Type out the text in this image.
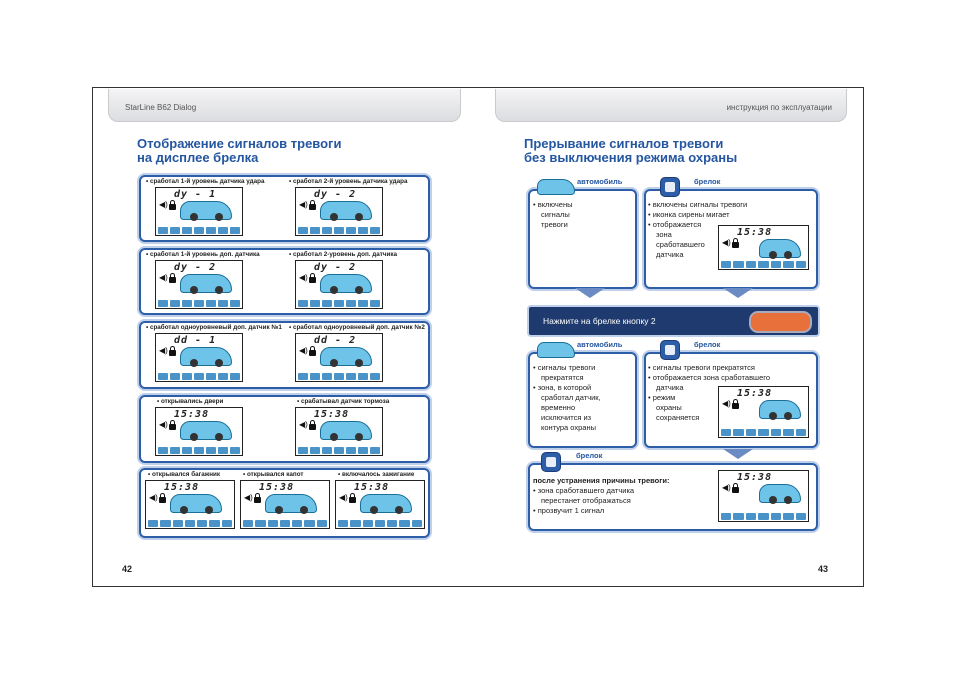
StarLine B62 Dialog	инструкция по эксплуатации
Отображение сигналов тревоги
на дисплее брелка
Прерывание сигналов тревоги
без выключения режима охраны
• сработал 1-й уровень датчика удара
dy - 1
◀)
• сработал 2-й уровень датчика удара
dy - 2
◀)
• сработал 1-й уровень доп. датчика
dy - 2
◀)
• сработал 2-уровень доп. датчика
dy - 2
◀)
• сработал одноуровневый доп. датчик №1
dd - 1
◀)
• сработал одноуровневый доп. датчик №2
dd - 2
◀)
• открывались двери
15:38
◀)
• срабатывал датчик тормоза
15:38
◀)
• открывался багажник
15:38
◀)
• открывался капот
15:38
◀)
• включалось зажигание
15:38
◀)
автомобиль
• включены
сигналы
тревоги
брелок
• включены сигналы тревоги
• иконка сирены мигает
• отображается
зона
сработавшего
датчика
15:38
◀)
Нажмите на брелке кнопку 2
автомобиль
• сигналы тревоги
прекратятся
• зона, в которой
сработал датчик,
временно
исключится из
контура охраны
брелок
• сигналы тревоги прекратятся
• отображается зона сработавшего
датчика
• режим
охраны
сохраняется
15:38
◀)
брелок
после устранения причины тревоги:
• зона сработавшего датчика
перестанет отображаться
• прозвучит 1 сигнал
15:38
◀)
42	43
